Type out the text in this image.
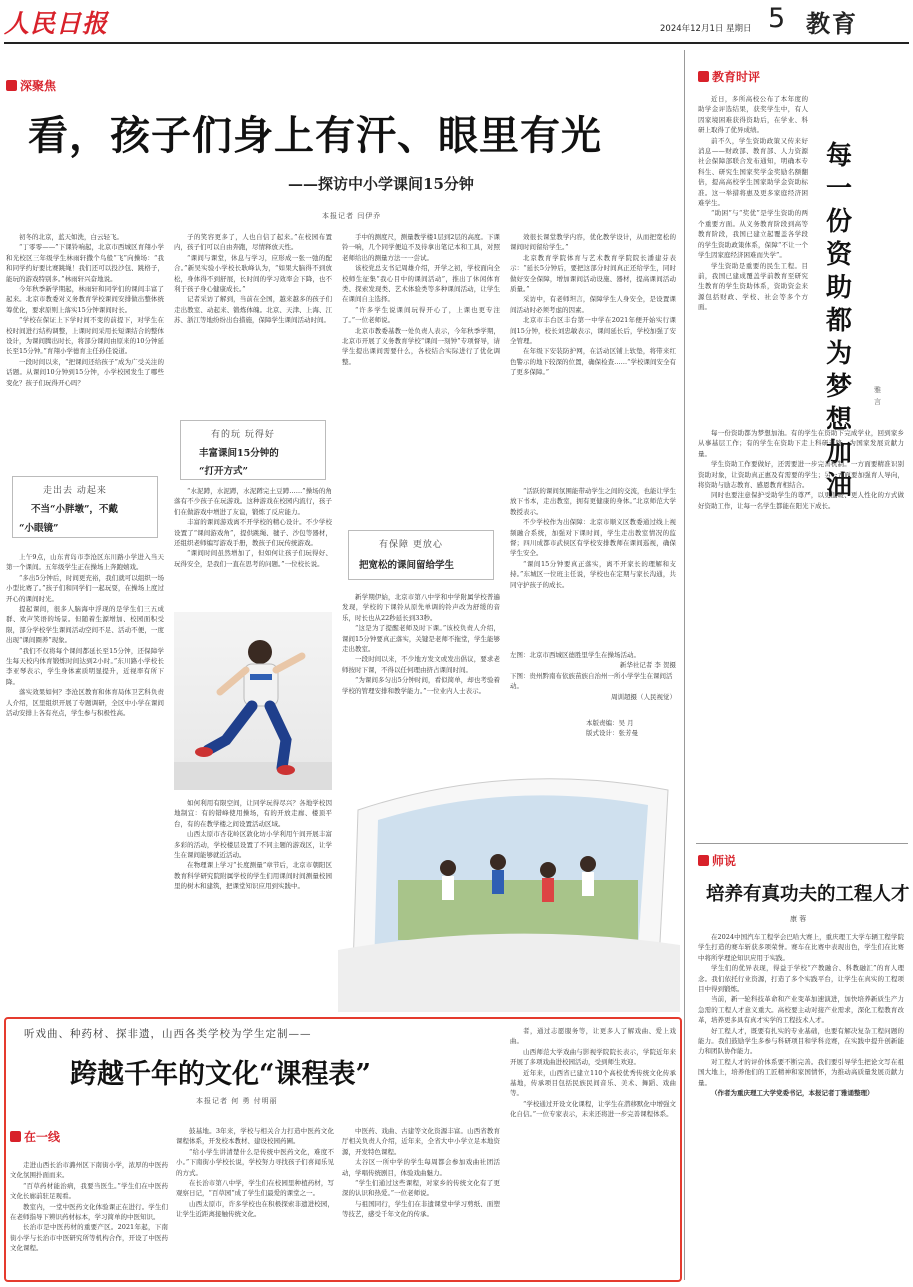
人民日报	2024年12月1日 星期日 5 教育
深聚焦
看，孩子们身上有汗、眼里有光
——探访中小学课间15分钟
本报记者 闫伊乔

初冬的北京，蓝天如洗，白云轻飞。

“丁零零——”下课铃响起，北京市西城区育翔小学和光校区三年级学生林雨轩撒个鸟般“飞”向操场：“我和同学约好要比赛跳绳！我们还可以投沙包、跳格子，能玩的游戏特别多。”林雨轩兴奋地说。

今年秋季新学期起，林雨轩和同学们的课间丰富了起来。北京市教委对义务教育学校课间安排做出整体统筹优化，要求原则上落实15分钟课间时长。

“学校在保证上下学时间不变的前提下，对学生在校时间进行结构调整，上课时间采用长短课结合的整体设计，为课间腾出时长，将部分课间由原来的10分钟延长至15分钟。”育翔小学德育主任孙佳说道。

一段时间以来，“把课间还给孩子”成为广受关注的话题。从课间10分钟到15分钟，小学校园发生了哪些变化？孩子们玩得开心吗？

走出去 动起来
不当“小胖墩”，不戴
“小眼镜”

上午9点，山东青岛市李沧区东川路小学进入当天第一个课间。五年级学生正在操场上奔跑嬉戏。

“多出5分钟后，时间更充裕，我们就可以组织一场小型比赛了。”孩子们和同学们一起玩耍，在操场上度过开心的课间时光。

提起课间，很多人脑海中浮现的是学生们三五成群、欢声笑语的场景。但随着生源增加、校园面积受限，部分学校学生课间活动空间不足、活动不便，一度出现“课间圈养”现象。

“我们不仅将每个课间都延长至15分钟，还保障学生每天校内体育锻炼时间达到2小时。”东川路小学校长李亚琴表示，学生身体素质明显提升，近视率有所下降。

落实效果如何？李沧区教育和体育局体卫艺科负责人介绍，区里组织开展了专题调研，全区中小学在课间活动安排上各有亮点，学生参与积极性高。

子的笑容更多了，人也自信了起来。”在校园布置内，孩子们可以自由奔跑，尽情释放天性。

“课间与课堂，休息与学习，应形成一张一弛的配合。”新吴实验小学校长耿峰认为，“如果大脑得不到放松，身体得不到舒展，长时间的学习效率会下降，也不利于孩子身心健康成长。”

记者采访了解到，当前在全国，越来越多的孩子们走出教室、动起来、锻炼体魄。北京、天津、上海、江苏、浙江等地纷纷出台措施，保障学生课间活动时间。

有的玩 玩得好
丰富课间15分钟的
“打开方式”

“水泥蹲，水泥蹲，水泥蹲完土豆蹲……”操场的角落有不少孩子在玩游戏。这种游戏在校园内流行，孩子们在做游戏中增进了友谊，锻炼了反应能力。

丰富的课间游戏离不开学校的精心设计。不少学校设置了“课间游戏角”，提供跳绳、毽子、沙包等器材，还组织老师编写游戏手册，教孩子们玩传统游戏。

“课间时间虽然增加了，但如何让孩子们玩得好、玩得安全，是我们一直在思考的问题。”一位校长说。

如何利用有限空间，让同学玩得尽兴？各地学校因地制宜：有的错峰使用操场，有的开放走廊、楼顶平台，有的在教学楼之间设置活动区域。

山西太原市杏花岭区敦化坊小学利用午间开展丰富多彩的活动，学校楼层设置了不同主题的游戏区，让学生在课间能够就近活动。

在物理课上学习“长度测量”章节后，北京市朝阳区教育科学研究院附属学校的学生们用课间时间测量校园里的树木和建筑，把课堂知识应用到实践中。

手中的测度尺，测量教学楼1层到2层的高度。下课铃一响，几个同学便迫不及待拿出笔记本和工具，对照老师给出的测量方法一一尝试。

该校党总支书记周雄介绍，开学之初，学校面向全校师生征集“我心目中的课间活动”，推出了休闲体育类、探索发现类、艺术体验类等多种课间活动，让学生在课间自主选择。

“许多学生说课间玩得开心了，上课也更专注了。”一位老师说。

北京市教委基教一处负责人表示，今年秋季学期，北京市开展了义务教育学校“课间一刻钟”专项督导，请学生提出课间需要什么，各校结合实际进行了优化调整。

有保障 更放心
把宽松的课间留给学生

新学期伊始，北京市第八中学和中学附属学校普遍发现，学校的下课铃从原先单调的铃声改为舒缓的音乐，时长也从22秒延长到33秒。

“这是为了提醒老师及时下课。”该校负责人介绍，课间15分钟要真正落实，关键是老师不拖堂，学生能够走出教室。

一段时间以来，不少地方发文或发出倡议，要求老师按时下课，不得以任何理由挤占课间时间。

“为课间多匀出5分钟时间，看似简单，却也考验着学校的管理安排和教学能力。”一位业内人士表示。

效很长课堂教学内容，优化教学设计，从而把宽松的课间时间留给学生。”

北京教育学院体育与艺术教育学院院长潘建芬表示：“延长5分钟后，要把这部分时间真正还给学生，同时做好安全保障，增加课间活动设施、器材，提高课间活动质量。”

采访中，有老师坦言，保障学生人身安全，是设置课间活动时必须考虑的因素。

北京市丰台区丰台第一中学在2021年便开始实行课间15分钟，校长刘忠敏表示，课间延长后，学校加强了安全管理。

在年级下安装防护网，在活动区铺上软垫，将带来红色警示的地下较深的位置，确保检查……“学校课间安全有了更多保障。”

“活跃的课间氛围能带动学生之间的交流，也能让学生放下书本，走出教室，拥有更健康的身体。”北京师范大学教授表示。

不少学校作为出保障：北京市顺义区教委通过线上视频融合系统，加强对下课时间，学生走出教室情况的监督；四川成都市武侯区有学校安排教师在课间巡视，确保学生安全。

“课间15分钟要真正落实，离不开家长的理解和支持。”东城区一位班主任说，学校也在定期与家长沟通，共同守护孩子的成长。

左图：北京市西城区德胜里学生在操场活动。
新华社记者 李 贺摄
下图：贵州黔南布依族苗族自治州一所小学学生在课间活动。
周训超摄（人民视觉）
本版责编：吴 月
版式设计：张芳曼
教育时评

近日，多所高校公布了本年度的助学金评选结果，获奖学生中，有人因家境困难获得资助后，在学业、科研上取得了优异成绩。

前不久，学生资助政策又传来好消息——财政部、教育部、人力资源社会保障部联合发布通知，明确本专科生、研究生国家奖学金奖励名额翻倍，提高高校学生国家助学金资助标准。这一举措将惠及更多家庭经济困难学生。

“助困”与“奖优”是学生资助的两个重要方面。从义务教育阶段到高等教育阶段，我国已建立起覆盖各学段的学生资助政策体系，保障“不让一个学生因家庭经济困难而失学”。

学生资助是重要的民生工程。目前，我国已建成覆盖学前教育至研究生教育的学生资助体系，资助资金来源包括财政、学校、社会等多个方面。

每一份资助都为梦想加油
雅言

每一份资助都为梦想加油。有的学生在资助下完成学业，回到家乡从事基层工作；有的学生在资助下走上科研道路，为国家发展贡献力量。

学生资助工作要做好，还需要进一步完善机制。一方面要精准识别资助对象，让资助真正惠及有需要的学生；另一方面要加强育人导向，将资助与励志教育、感恩教育相结合。

同时也要注意保护受助学生的尊严，以更温暖、更人性化的方式做好资助工作，让每一名学生都能在阳光下成长。

师说
培养有真功夫的工程人才
康 蓉

在2024中国汽车工程学会巴哈大赛上，重庆理工大学车辆工程学院学生打造的赛车斩获多项荣誉。赛车在比赛中表现出色，学生们在比赛中将所学理论知识应用于实践。

学生们的优异表现，得益于学校“产教融合、科教融汇”的育人理念。我们依托行业资源，打造了多个实践平台，让学生在真实的工程项目中得到锻炼。

当前，新一轮科技革命和产业变革加速演进，加快培养新质生产力急需的工程人才意义重大。高校要主动对接产业需求，深化工程教育改革，培养更多具有真才实学的工程技术人才。

好工程人才，既要有扎实的专业基础，也要有解决复杂工程问题的能力。我们鼓励学生多参与科研项目和学科竞赛，在实践中提升创新能力和团队协作能力。

对工程人才的评价体系要不断完善。我们要引导学生把论文写在祖国大地上，培养他们的工匠精神和家国情怀，为推动高质量发展贡献力量。

（作者为重庆理工大学党委书记，本报记者丁雅诵整理）

听戏曲、种药材、探非遗，山西各类学校为学生定制——
跨越千年的文化“课程表”
本报记者 何 勇 付明丽
在一线

走进山西长治市潞州区下南街小学，浓厚的中医药文化氛围扑面而来。

“百草药材能治病，我要当医生。”学生们在中医药文化长廊前驻足观看。

教室内，一堂中医药文化体验课正在进行。学生们在老师指导下辨识药材标本，学习简单的中医知识。

长治市是中医药材的重要产区。2021年起，下南街小学与长治市中医研究所等机构合作，开设了中医药文化课程。

鼓基地。3年来，学校与相关合力打造中医药文化课程体系，开发校本教材、建设校园药圃。

“给小学生讲清楚什么是传统中医药文化，难度不小。”下南街小学校长说，学校努力寻找孩子们喜闻乐见的方式。

在长治市第八中学，学生们在校园里种植药材，写观察日记，“百草园”成了学生们最爱的课堂之一。

山西太原市，许多学校也在积极探索非遗进校园，让学生近距离接触传统文化。

中医药、戏曲、古建等文化资源丰富。山西省教育厅相关负责人介绍，近年来，全省大中小学立足本地资源，开发特色课程。

太谷区一所中学的学生每周都会参加戏曲社团活动，学唱传统剧目，体验戏曲魅力。

“学生们通过这些课程，对家乡的传统文化有了更深的认识和热爱。”一位老师说。

与祖国同行，学生们在非遗课堂中学习剪纸、面塑等技艺，感受千年文化的传承。

者，通过志愿服务等，让更多人了解戏曲、爱上戏曲。

山西师范大学戏曲与影视学院院长表示，学院近年来开展了多项戏曲进校园活动，受到师生欢迎。

近年来，山西省已建立110个高校优秀传统文化传承基地，传承项目包括民族民间音乐、美术、舞蹈、戏曲等。

“学校通过开设文化课程，让学生在潜移默化中增强文化自信。”一位专家表示，未来还将进一步完善课程体系。
